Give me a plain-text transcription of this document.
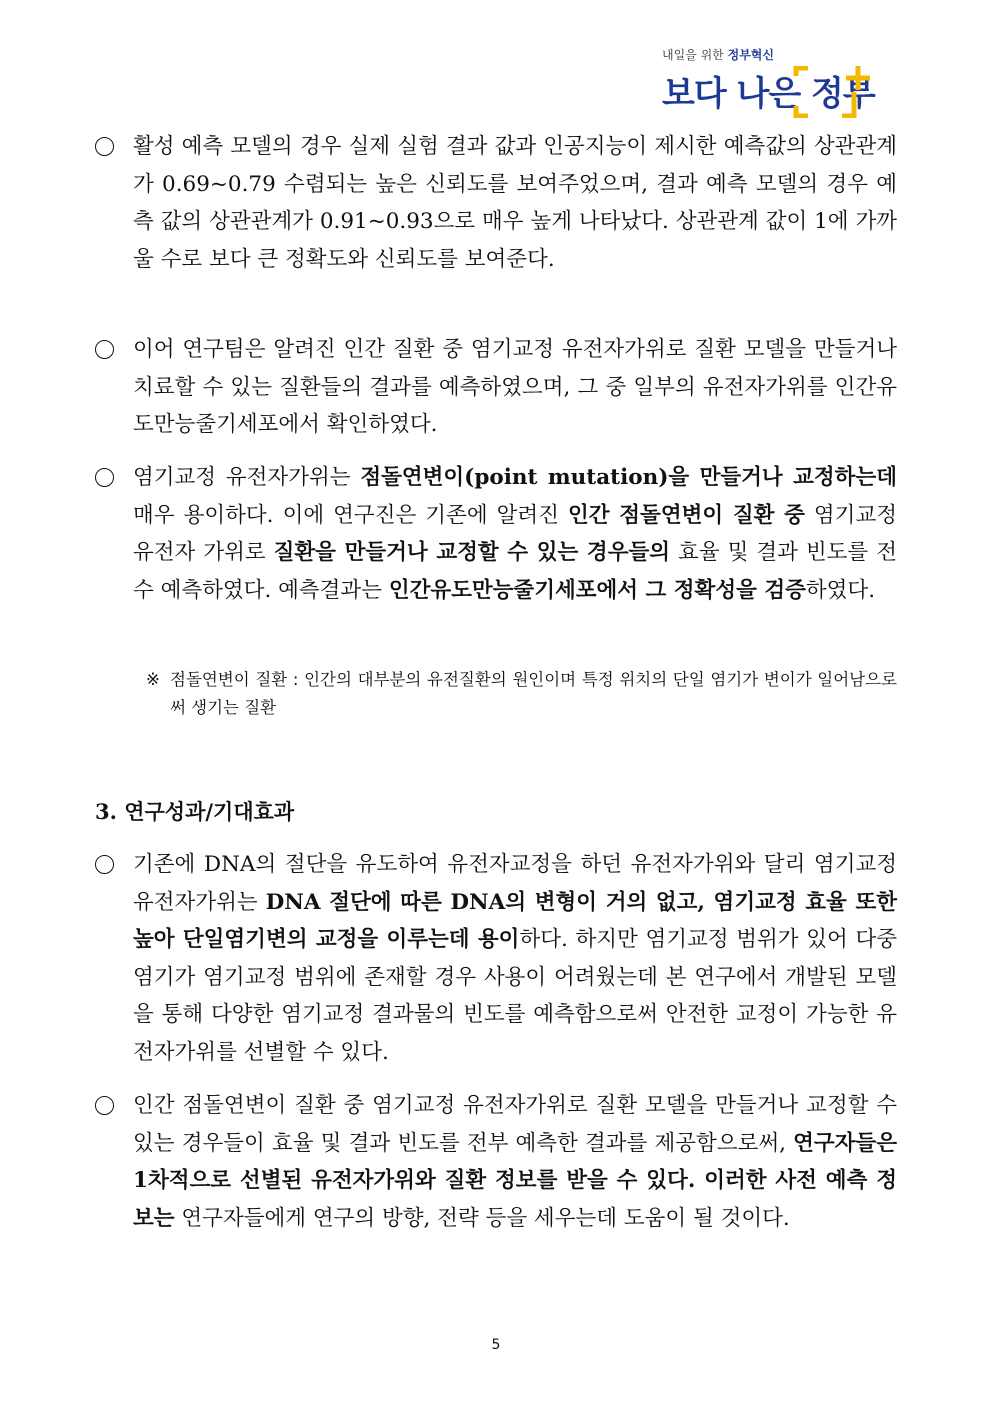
내일을 위한 정부혁신
보다 나은 정부
활성 예측 모델의 경우 실제 실험 결과 값과 인공지능이 제시한 예측값의 상관관계가 0.69~0.79 수렴되는 높은 신뢰도를 보여주었으며, 결과 예측 모델의 경우 예측 값의 상관관계가 0.91~0.93으로 매우 높게 나타났다. 상관관계 값이 1에 가까울 수로 보다 큰 정확도와 신뢰도를 보여준다.
이어 연구팀은 알려진 인간 질환 중 염기교정 유전자가위로 질환 모델을 만들거나 치료할 수 있는 질환들의 결과를 예측하였으며, 그 중 일부의 유전자가위를 인간유도만능줄기세포에서 확인하였다.
염기교정 유전자가위는 점돌연변이(point mutation)을 만들거나 교정하는데 매우 용이하다. 이에 연구진은 기존에 알려진 인간 점돌연변이 질환 중 염기교정 유전자 가위로 질환을 만들거나 교정할 수 있는 경우들의 효율 및 결과 빈도를 전수 예측하였다. 예측결과는 인간유도만능줄기세포에서 그 정확성을 검증하였다.
※ 점돌연변이 질환 : 인간의 대부분의 유전질환의 원인이며 특정 위치의 단일 염기가 변이가 일어남으로써 생기는 질환
3. 연구성과/기대효과
기존에 DNA의 절단을 유도하여 유전자교정을 하던 유전자가위와 달리 염기교정 유전자가위는 DNA 절단에 따른 DNA의 변형이 거의 없고, 염기교정 효율 또한 높아 단일염기변의 교정을 이루는데 용이하다. 하지만 염기교정 범위가 있어 다중 염기가 염기교정 범위에 존재할 경우 사용이 어려웠는데 본 연구에서 개발된 모델을 통해 다양한 염기교정 결과물의 빈도를 예측함으로써 안전한 교정이 가능한 유전자가위를 선별할 수 있다.
인간 점돌연변이 질환 중 염기교정 유전자가위로 질환 모델을 만들거나 교정할 수 있는 경우들이 효율 및 결과 빈도를 전부 예측한 결과를 제공함으로써, 연구자들은 1차적으로 선별된 유전자가위와 질환 정보를 받을 수 있다. 이러한 사전 예측 정보는 연구자들에게 연구의 방향, 전략 등을 세우는데 도움이 될 것이다.
5
